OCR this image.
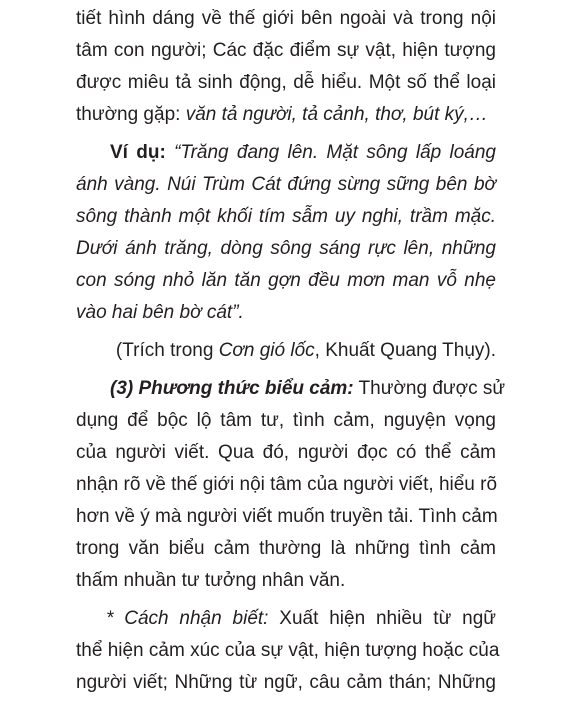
tiết hình dáng về thế giới bên ngoài và trong nội
tâm con người; Các đặc điểm sự vật, hiện tượng
được miêu tả sinh động, dễ hiểu. Một số thể loại
thường gặp: văn tả người, tả cảnh, thơ, bút ký,…
Ví dụ: “Trăng đang lên. Mặt sông lấp loáng
ánh vàng. Núi Trùm Cát đứng sừng sững bên bờ
sông thành một khối tím sẫm uy nghi, trầm mặc.
Dưới ánh trăng, dòng sông sáng rực lên, những
con sóng nhỏ lăn tăn gợn đều mơn man vỗ nhẹ
vào hai bên bờ cát”.
(Trích trong Cơn gió lốc, Khuất Quang Thụy).
(3) Phương thức biểu cảm: Thường được sử
dụng để bộc lộ tâm tư, tình cảm, nguyện vọng
của người viết. Qua đó, người đọc có thể cảm
nhận rõ về thế giới nội tâm của người viết, hiểu rõ
hơn về ý mà người viết muốn truyền tải. Tình cảm
trong văn biểu cảm thường là những tình cảm
thấm nhuần tư tưởng nhân văn.
* Cách nhận biết: Xuất hiện nhiều từ ngữ
thể hiện cảm xúc của sự vật, hiện tượng hoặc của
người viết; Những từ ngữ, câu cảm thán; Những
